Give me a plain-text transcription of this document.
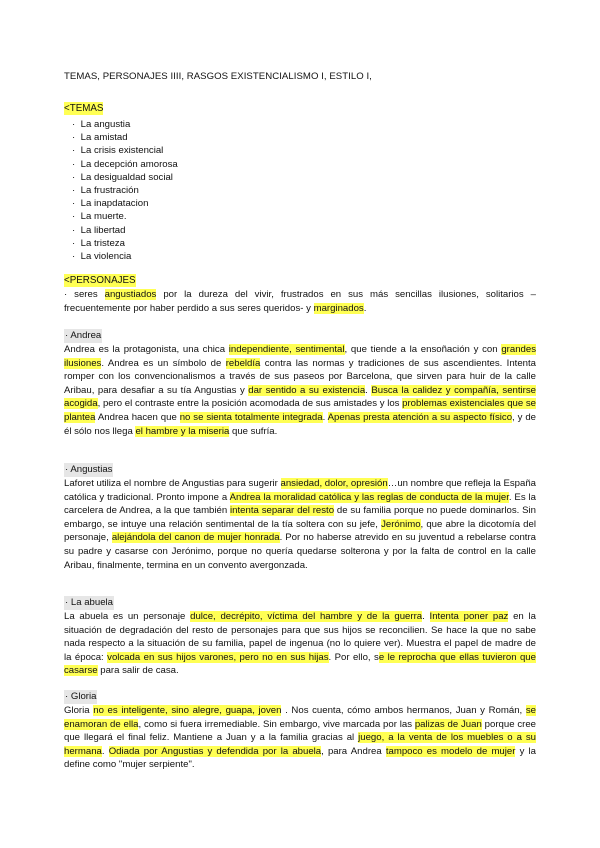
TEMAS, PERSONAJES IIII, RASGOS EXISTENCIALISMO I, ESTILO I,
<TEMAS
· La angustia
· La amistad
· La crisis existencial
· La decepción amorosa
· La desigualdad social
· La frustración
· La inapdatacion
· La muerte.
· La libertad
· La tristeza
· La violencia
<PERSONAJES

· seres angustiados por la dureza del vivir, frustrados en sus más sencillas ilusiones, solitarios –frecuentemente por haber perdido a sus seres queridos- y marginados.

· Andrea

Andrea es la protagonista, una chica independiente, sentimental, que tiende a la ensoñación y con grandes ilusiones. Andrea es un símbolo de rebeldía contra las normas y tradiciones de sus ascendientes. Intenta romper con los convencionalismos a través de sus paseos por Barcelona, que sirven para huir de la calle Aribau, para desafiar a su tía Angustias y dar sentido a su existencia. Busca la calidez y compañía, sentirse acogida, pero el contraste entre la posición acomodada de sus amistades y los problemas existenciales que se plantea Andrea hacen que no se sienta totalmente integrada. Apenas presta atención a su aspecto físico, y de él sólo nos llega el hambre y la miseria que sufría.

· Angustias

Laforet utiliza el nombre de Angustias para sugerir ansiedad, dolor, opresión…un nombre que refleja la España católica y tradicional. Pronto impone a Andrea la moralidad católica y las reglas de conducta de la mujer. Es la carcelera de Andrea, a la que también intenta separar del resto de su familia porque no puede dominarlos. Sin embargo, se intuye una relación sentimental de la tía soltera con su jefe, Jerónimo, que abre la dicotomía del personaje, alejándola del canon de mujer honrada. Por no haberse atrevido en su juventud a rebelarse contra su padre y casarse con Jerónimo, porque no quería quedarse solterona y por la falta de control en la calle Aribau, finalmente, termina en un convento avergonzada.

· La abuela

La abuela es un personaje dulce, decrépito, víctima del hambre y de la guerra. Intenta poner paz en la situación de degradación del resto de personajes para que sus hijos se reconcilien. Se hace la que no sabe nada respecto a la situación de su familia, papel de ingenua (no lo quiere ver). Muestra el papel de madre de la época: volcada en sus hijos varones, pero no en sus hijas. Por ello, se le reprocha que ellas tuvieron que casarse para salir de casa.

· Gloria

Gloria no es inteligente, sino alegre, guapa, joven . Nos cuenta, cómo ambos hermanos, Juan y Román, se enamoran de ella, como si fuera irremediable. Sin embargo, vive marcada por las palizas de Juan porque cree que llegará el final feliz. Mantiene a Juan y a la familia gracias al juego, a la venta de los muebles o a su hermana. Odiada por Angustias y defendida por la abuela, para Andrea tampoco es modelo de mujer y la define como "mujer serpiente".
